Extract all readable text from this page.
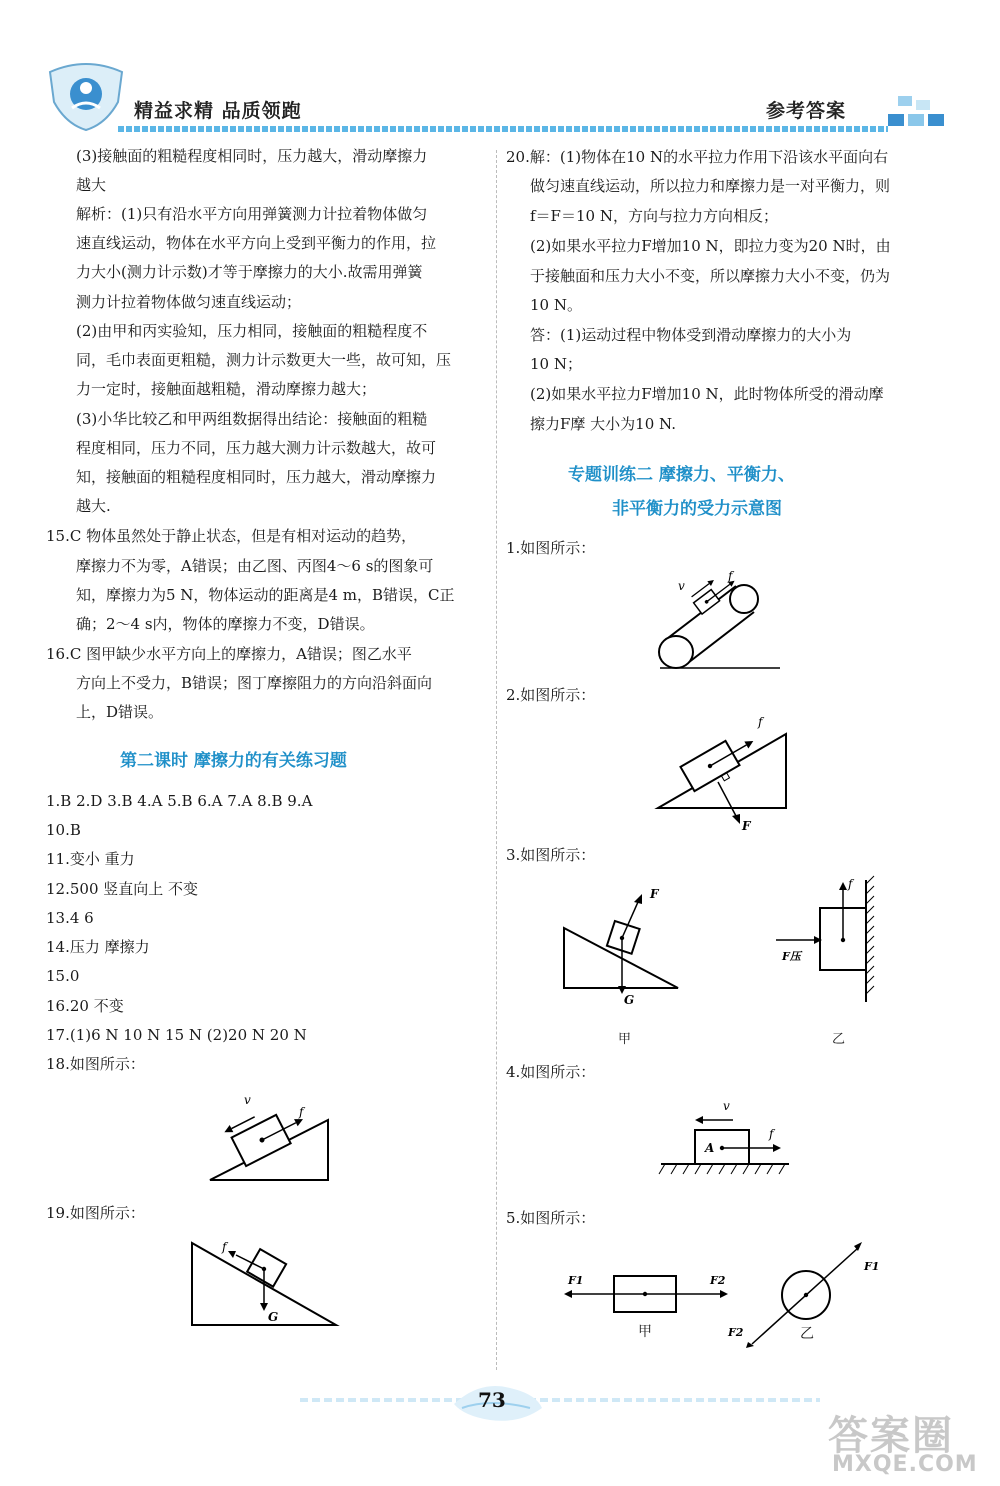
精益求精 品质领跑	参考答案
(3)接触面的粗糙程度相同时，压力越大，滑动摩擦力
越大
解析：(1)只有沿水平方向用弹簧测力计拉着物体做匀
速直线运动，物体在水平方向上受到平衡力的作用，拉
力大小(测力计示数)才等于摩擦力的大小.故需用弹簧
测力计拉着物体做匀速直线运动；
(2)由甲和丙实验知，压力相同，接触面的粗糙程度不
同，毛巾表面更粗糙，测力计示数更大一些，故可知，压
力一定时，接触面越粗糙，滑动摩擦力越大；
(3)小华比较乙和甲两组数据得出结论：接触面的粗糙
程度相同，压力不同，压力越大测力计示数越大，故可
知，接触面的粗糙程度相同时，压力越大，滑动摩擦力
越大.
15.C 物体虽然处于静止状态，但是有相对运动的趋势，
摩擦力不为零，A错误；由乙图、丙图4～6 s的图象可
知，摩擦力为5 N，物体运动的距离是4 m，B错误，C正
确；2～4 s内，物体的摩擦力不变，D错误。
16.C 图甲缺少水平方向上的摩擦力，A错误；图乙水平
方向上不受力，B错误；图丁摩擦阻力的方向沿斜面向
上，D错误。
第二课时 摩擦力的有关练习题
1.B 2.D 3.B 4.A 5.B 6.A 7.A 8.B 9.A
10.B
11.变小 重力
12.500 竖直向上 不变
13.4 6
14.压力 摩擦力
15.0
16.20 不变
17.(1)6 N 10 N 15 N (2)20 N 20 N
18.如图所示：
v
f
19.如图所示：
f
G
20.解：(1)物体在10 N的水平拉力作用下沿该水平面向右
做匀速直线运动，所以拉力和摩擦力是一对平衡力，则
f＝F＝10 N，方向与拉力方向相反；
(2)如果水平拉力F增加10 N，即拉力变为20 N时，由
于接触面和压力大小不变，所以摩擦力大小不变，仍为
10 N。
答：(1)运动过程中物体受到滑动摩擦力的大小为
10 N；
(2)如果水平拉力F增加10 N，此时物体所受的滑动摩
擦力F摩 大小为10 N.
专题训练二 摩擦力、平衡力、
非平衡力的受力示意图
1.如图所示：
v
f
2.如图所示：
f
F
3.如图所示：
F
G
甲
f
F压
乙
4.如图所示：
v
f
A
5.如图所示：
F1	F2
甲
F1
F2	乙
73
答案圈
MXQE.COM
